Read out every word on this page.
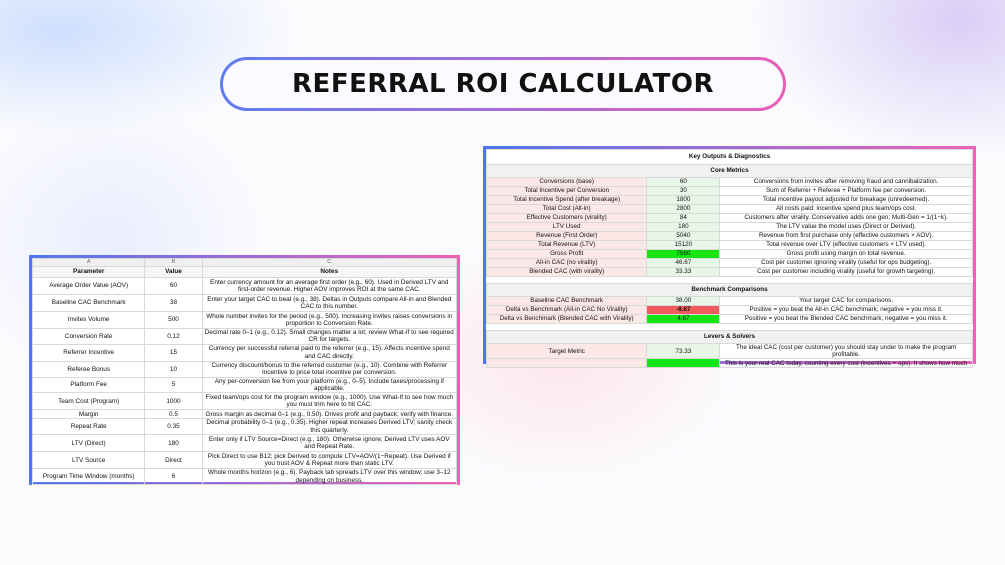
REFERRAL ROI CALCULATOR
A	B	C
Parameter	Value	Notes
Average Order Value (AOV)	60	Enter currency amount for an average first order (e.g., 60). Used in Derived LTV and first-order revenue. Higher AOV improves ROI at the same CAC.
Baseline CAC Benchmark	38	Enter your target CAC to beat (e.g., 38). Deltas in Outputs compare All-in and Blended CAC to this number.
Invites Volume	500	Whole number invites for the period (e.g., 500). Increasing invites raises conversions in proportion to Conversion Rate.
Conversion Rate	0.12	Decimal rate 0–1 (e.g., 0.12). Small changes matter a lot; review What-If to see required CR for targets.
Referrer Incentive	15	Currency per successful referral paid to the referrer (e.g., 15). Affects incentive spend and CAC directly.
Referee Bonus	10	Currency discount/bonus to the referred customer (e.g., 10). Combine with Referrer Incentive to price total incentive per conversion.
Platform Fee	5	Any per-conversion fee from your platform (e.g., 0–5). Include taxes/processing if applicable.
Team Cost (Program)	1000	Fixed team/ops cost for the program window (e.g., 1000). Use What-If to see how much you must trim here to hit CAC.
Margin	0.5	Gross margin as decimal 0–1 (e.g., 0.50). Drives profit and payback; verify with finance.
Repeat Rate	0.35	Decimal probability 0–1 (e.g., 0.35). Higher repeat increases Derived LTV; sanity check this quarterly.
LTV (Direct)	180	Enter only if LTV Source=Direct (e.g., 180). Otherwise ignore; Derived LTV uses AOV and Repeat Rate.
LTV Source	Direct	Pick Direct to use B12; pick Derived to compute LTV=AOV/(1−Repeat). Use Derived if you trust AOV & Repeat more than static LTV.
Program Time Window (months)	6	Whole months horizon (e.g., 6). Payback tab spreads LTV over this window; use 3–12 depending on business.
Key Outputs & Diagnostics		
Core Metrics		
Conversions (base)	60	Conversions from invites after removing fraud and cannibalization.
Total Incentive per Conversion	30	Sum of Referrer + Referee + Platform fee per conversion.
Total Incentive Spend (after breakage)	1800	Total incentive payout adjusted for breakage (unredeemed).
Total Cost (All-in)	2800	All costs paid: incentive spend plus team/ops cost.
Effective Customers (virality)	84	Customers after virality. Conservative adds one gen; Multi-Gen = 1/(1−k).
LTV Used	180	The LTV value the model uses (Direct or Derived).
Revenue (First Order)	5040	Revenue from first purchase only (effective customers × AOV).
Total Revenue (LTV)	15120	Total revenue over LTV (effective customers × LTV used).
Gross Profit	7560	Gross profit using margin on total revenue.
All-in CAC (no virality)	46.67	Cost per customer ignoring virality (useful for ops budgeting).
Blended CAC (with virality)	33.33	Cost per customer including virality (useful for growth targeting).

Benchmark Comparisons		
Baseline CAC Benchmark	38.00	Your target CAC for comparisons.
Delta vs Benchmark (All-in CAC No Virality)	-8.67	Positive = you beat the All-in CAC benchmark; negative = you miss it.
Delta vs Benchmark (Blended CAC with Virality)	4.67	Positive = you beat the Blended CAC benchmark; negative = you miss it.

Levers & Solvers		
Target Metric	73.33	The ideal CAC (cost per customer) you should stay under to make the program profitable.
		This is your real CAC today, counting every cost (incentives + ops). It shows how much
